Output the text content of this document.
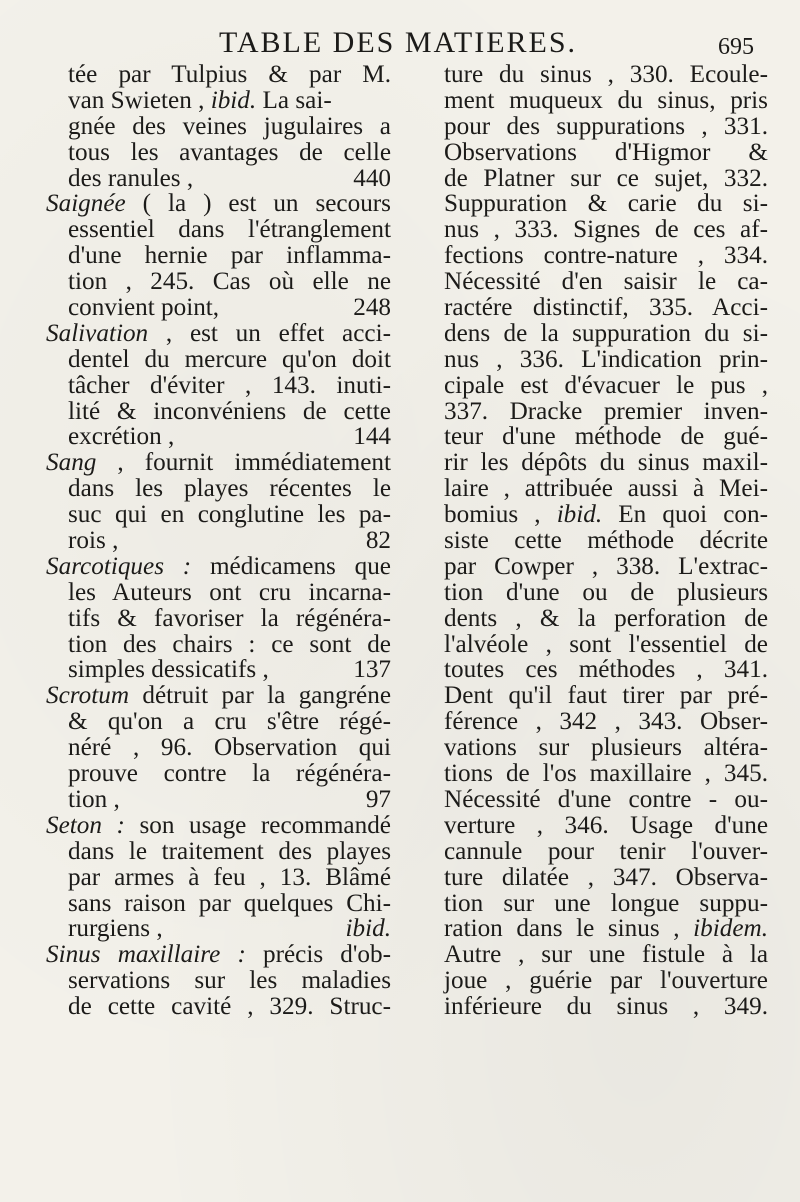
TABLE DES MATIERES.	695
tée par Tulpius & par M.
van Swieten , ibid. La sai-
gnée des veines jugulaires a
tous les avantages de celle
des ranules ,	440
Saignée ( la ) est un secours
essentiel dans l'étranglement
d'une hernie par inflamma-
tion , 245. Cas où elle ne
convient point,	248
Salivation , est un effet acci-
dentel du mercure qu'on doit
tâcher d'éviter , 143. inuti-
lité & inconvéniens de cette
excrétion ,	144
Sang , fournit immédiatement
dans les playes récentes le
suc qui en conglutine les pa-
rois ,	82
Sarcotiques : médicamens que
les Auteurs ont cru incarna-
tifs & favoriser la régénéra-
tion des chairs : ce sont de
simples dessicatifs ,	137
Scrotum détruit par la gangréne
& qu'on a cru s'être régé-
néré , 96. Observation qui
prouve contre la régénéra-
tion ,	97
Seton : son usage recommandé
dans le traitement des playes
par armes à feu , 13. Blâmé
sans raison par quelques Chi-
rurgiens ,	ibid.
Sinus maxillaire : précis d'ob-
servations sur les maladies
de cette cavité , 329. Struc-
ture du sinus , 330. Ecoule-
ment muqueux du sinus, pris
pour des suppurations , 331.
Observations d'Higmor &
de Platner sur ce sujet, 332.
Suppuration & carie du si-
nus , 333. Signes de ces af-
fections contre-nature , 334.
Nécessité d'en saisir le ca-
ractére distinctif, 335. Acci-
dens de la suppuration du si-
nus , 336. L'indication prin-
cipale est d'évacuer le pus ,
337. Dracke premier inven-
teur d'une méthode de gué-
rir les dépôts du sinus maxil-
laire , attribuée aussi à Mei-
bomius , ibid. En quoi con-
siste cette méthode décrite
par Cowper , 338. L'extrac-
tion d'une ou de plusieurs
dents , & la perforation de
l'alvéole , sont l'essentiel de
toutes ces méthodes , 341.
Dent qu'il faut tirer par pré-
férence , 342 , 343. Obser-
vations sur plusieurs altéra-
tions de l'os maxillaire , 345.
Nécessité d'une contre - ou-
verture , 346. Usage d'une
cannule pour tenir l'ouver-
ture dilatée , 347. Observa-
tion sur une longue suppu-
ration dans le sinus , ibidem.
Autre , sur une fistule à la
joue , guérie par l'ouverture
inférieure du sinus , 349.
